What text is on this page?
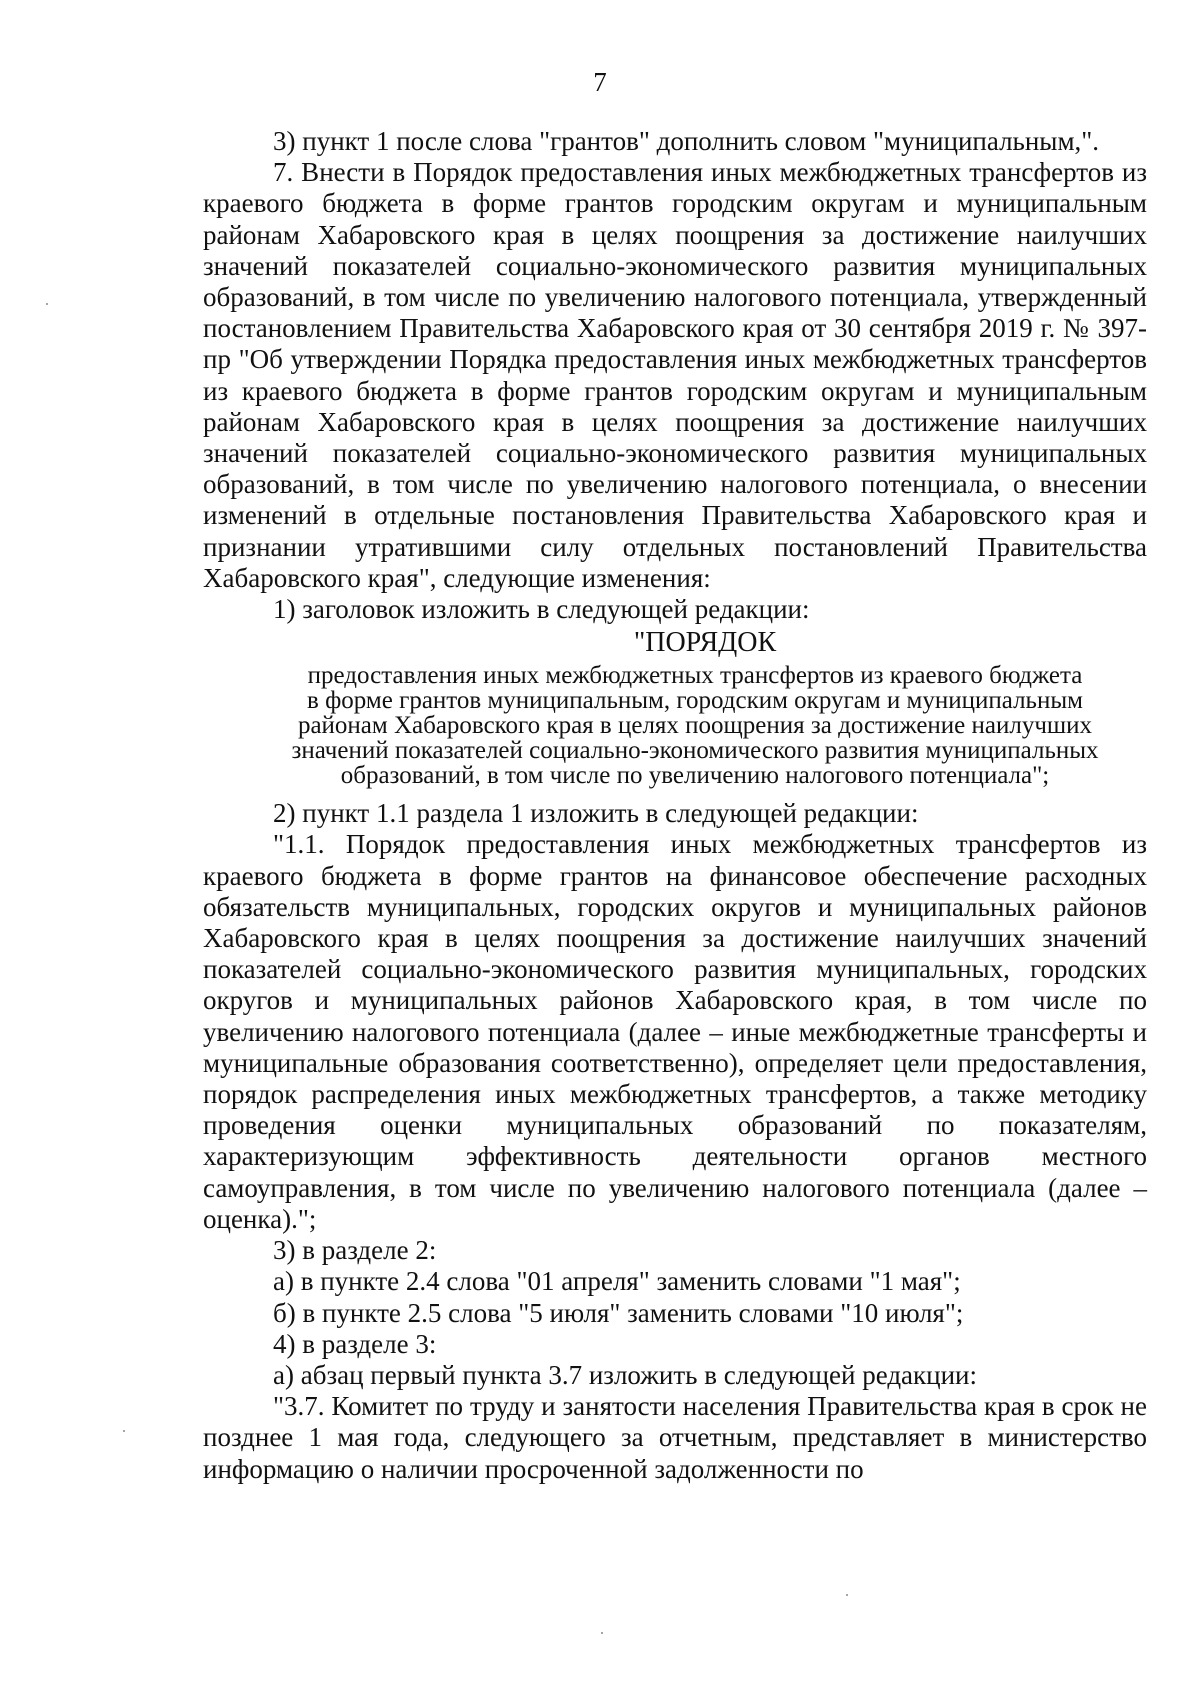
7

3) пункт 1 после слова "грантов" дополнить словом "муниципальным,".

7. Внести в Порядок предоставления иных межбюджетных трансфертов из краевого бюджета в форме грантов городским округам и муниципальным районам Хабаровского края в целях поощрения за достижение наилучших значений показателей социально-экономического развития муниципальных образований, в том числе по увеличению налогового потенциала, утвержденный постановлением Правительства Хабаровского края от 30 сентября 2019 г. № 397-пр "Об утверждении Порядка предоставления иных межбюджетных трансфертов из краевого бюджета в форме грантов городским округам и муниципальным районам Хабаровского края в целях поощрения за достижение наилучших значений показателей социально-экономического развития муниципальных образований, в том числе по увеличению налогового потенциала, о внесении изменений в отдельные постановления Правительства Хабаровского края и признании утратившими силу отдельных постановлений Правительства Хабаровского края", следующие изменения:

1) заголовок изложить в следующей редакции:

"ПОРЯДОК

предоставления иных межбюджетных трансфертов из краевого бюджета
в форме грантов муниципальным, городским округам и муниципальным
районам Хабаровского края в целях поощрения за достижение наилучших
значений показателей социально-экономического развития муниципальных
образований, в том числе по увеличению налогового потенциала";

2) пункт 1.1 раздела 1 изложить в следующей редакции:

"1.1. Порядок предоставления иных межбюджетных трансфертов из краевого бюджета в форме грантов на финансовое обеспечение расходных обязательств муниципальных, городских округов и муниципальных районов Хабаровского края в целях поощрения за достижение наилучших значений показателей социально-экономического развития муниципальных, городских округов и муниципальных районов Хабаровского края, в том числе по увеличению налогового потенциала (далее – иные межбюджетные трансферты и муниципальные образования соответственно), определяет цели предоставления, порядок распределения иных межбюджетных трансфертов, а также методику проведения оценки муниципальных образований по показателям, характеризующим эффективность деятельности органов местного самоуправления, в том числе по увеличению налогового потенциала (далее – оценка).";

3) в разделе 2:

а) в пункте 2.4 слова "01 апреля" заменить словами "1 мая";

б) в пункте 2.5 слова "5 июля" заменить словами "10 июля";

4) в разделе 3:

а) абзац первый пункта 3.7 изложить в следующей редакции:

"3.7. Комитет по труду и занятости населения Правительства края в срок не позднее 1 мая года, следующего за отчетным, представляет в министерство информацию о наличии просроченной задолженности по
